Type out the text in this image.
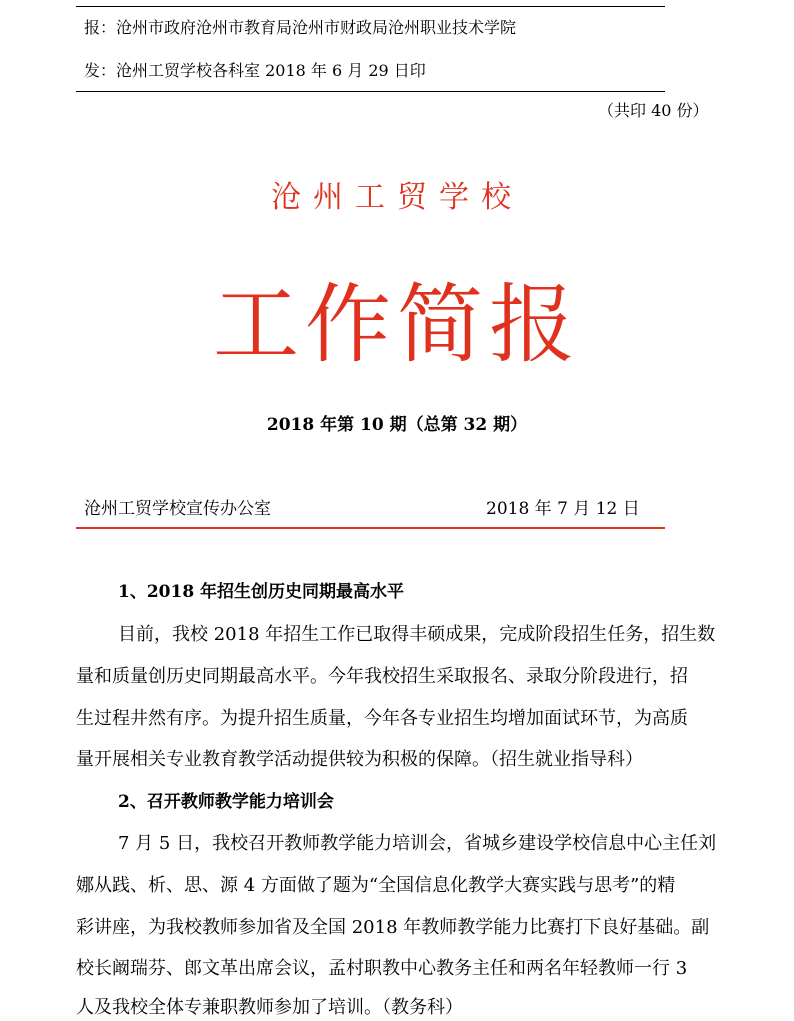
报：沧州市政府沧州市教育局沧州市财政局沧州职业技术学院
发：沧州工贸学校各科室 2018 年 6 月 29 日印
（共印 40 份）
沧州工贸学校
工作简报
2018 年第 10 期（总第 32 期）
沧州工贸学校宣传办公室	2018 年 7 月 12 日
1、2018 年招生创历史同期最高水平
目前，我校 2018 年招生工作已取得丰硕成果，完成阶段招生任务，招生数
量和质量创历史同期最高水平。今年我校招生采取报名、录取分阶段进行，招
生过程井然有序。为提升招生质量，今年各专业招生均增加面试环节，为高质
量开展相关专业教育教学活动提供较为积极的保障。（招生就业指导科）
2、召开教师教学能力培训会
7 月 5 日，我校召开教师教学能力培训会，省城乡建设学校信息中心主任刘
娜从践、析、思、源 4 方面做了题为“全国信息化教学大赛实践与思考”的精
彩讲座，为我校教师参加省及全国 2018 年教师教学能力比赛打下良好基础。副
校长阚瑞芬、郎文革出席会议，孟村职教中心教务主任和两名年轻教师一行 3
人及我校全体专兼职教师参加了培训。（教务科）
